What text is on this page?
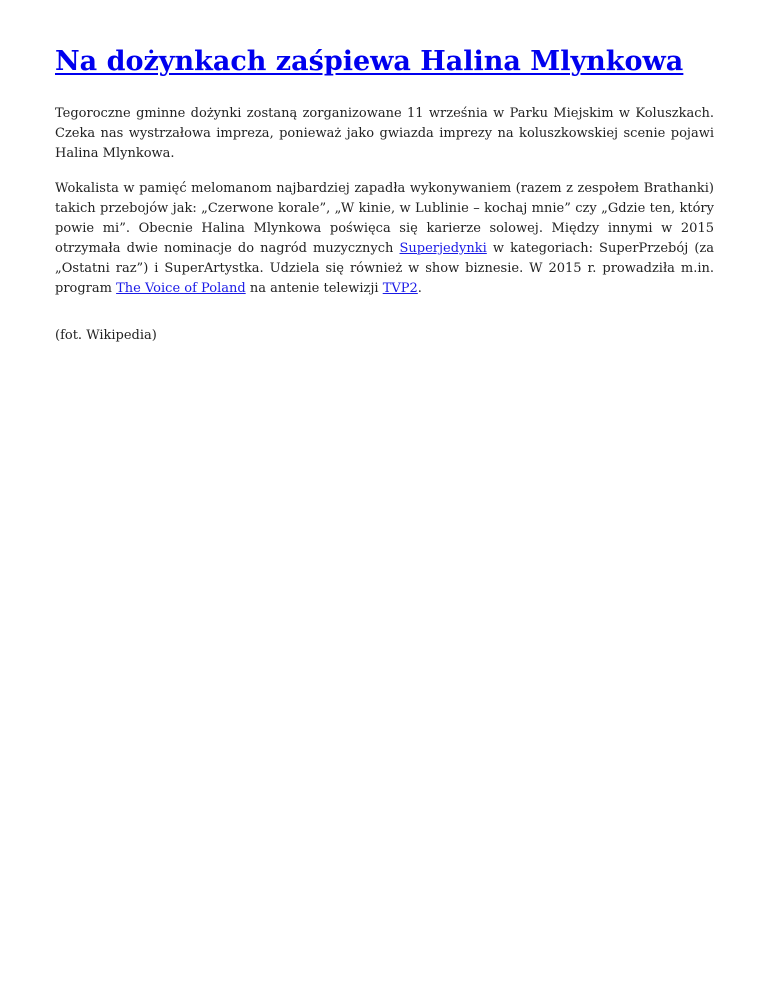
Na dożynkach zaśpiewa Halina Mlynkowa

Tegoroczne gminne dożynki zostaną zorganizowane 11 września w Parku Miejskim w Koluszkach. Czeka nas wystrzałowa impreza, ponieważ jako gwiazda imprezy na koluszkowskiej scenie pojawi Halina Mlynkowa.

Wokalista w pamięć melomanom najbardziej zapadła wykonywaniem (razem z zespołem Brathanki) takich przebojów jak: „Czerwone korale”, „W kinie, w Lublinie – kochaj mnie” czy „Gdzie ten, który powie mi”. Obecnie Halina Mlynkowa poświęca się karierze solowej. Między innymi w 2015 otrzymała dwie nominacje do nagród muzycznych Superjedynki w kategoriach: SuperPrzebój (za „Ostatni raz”) i SuperArtystka. Udziela się również w show biznesie. W 2015 r. prowadziła m.in. program The Voice of Poland na antenie telewizji TVP2.

(fot. Wikipedia)
